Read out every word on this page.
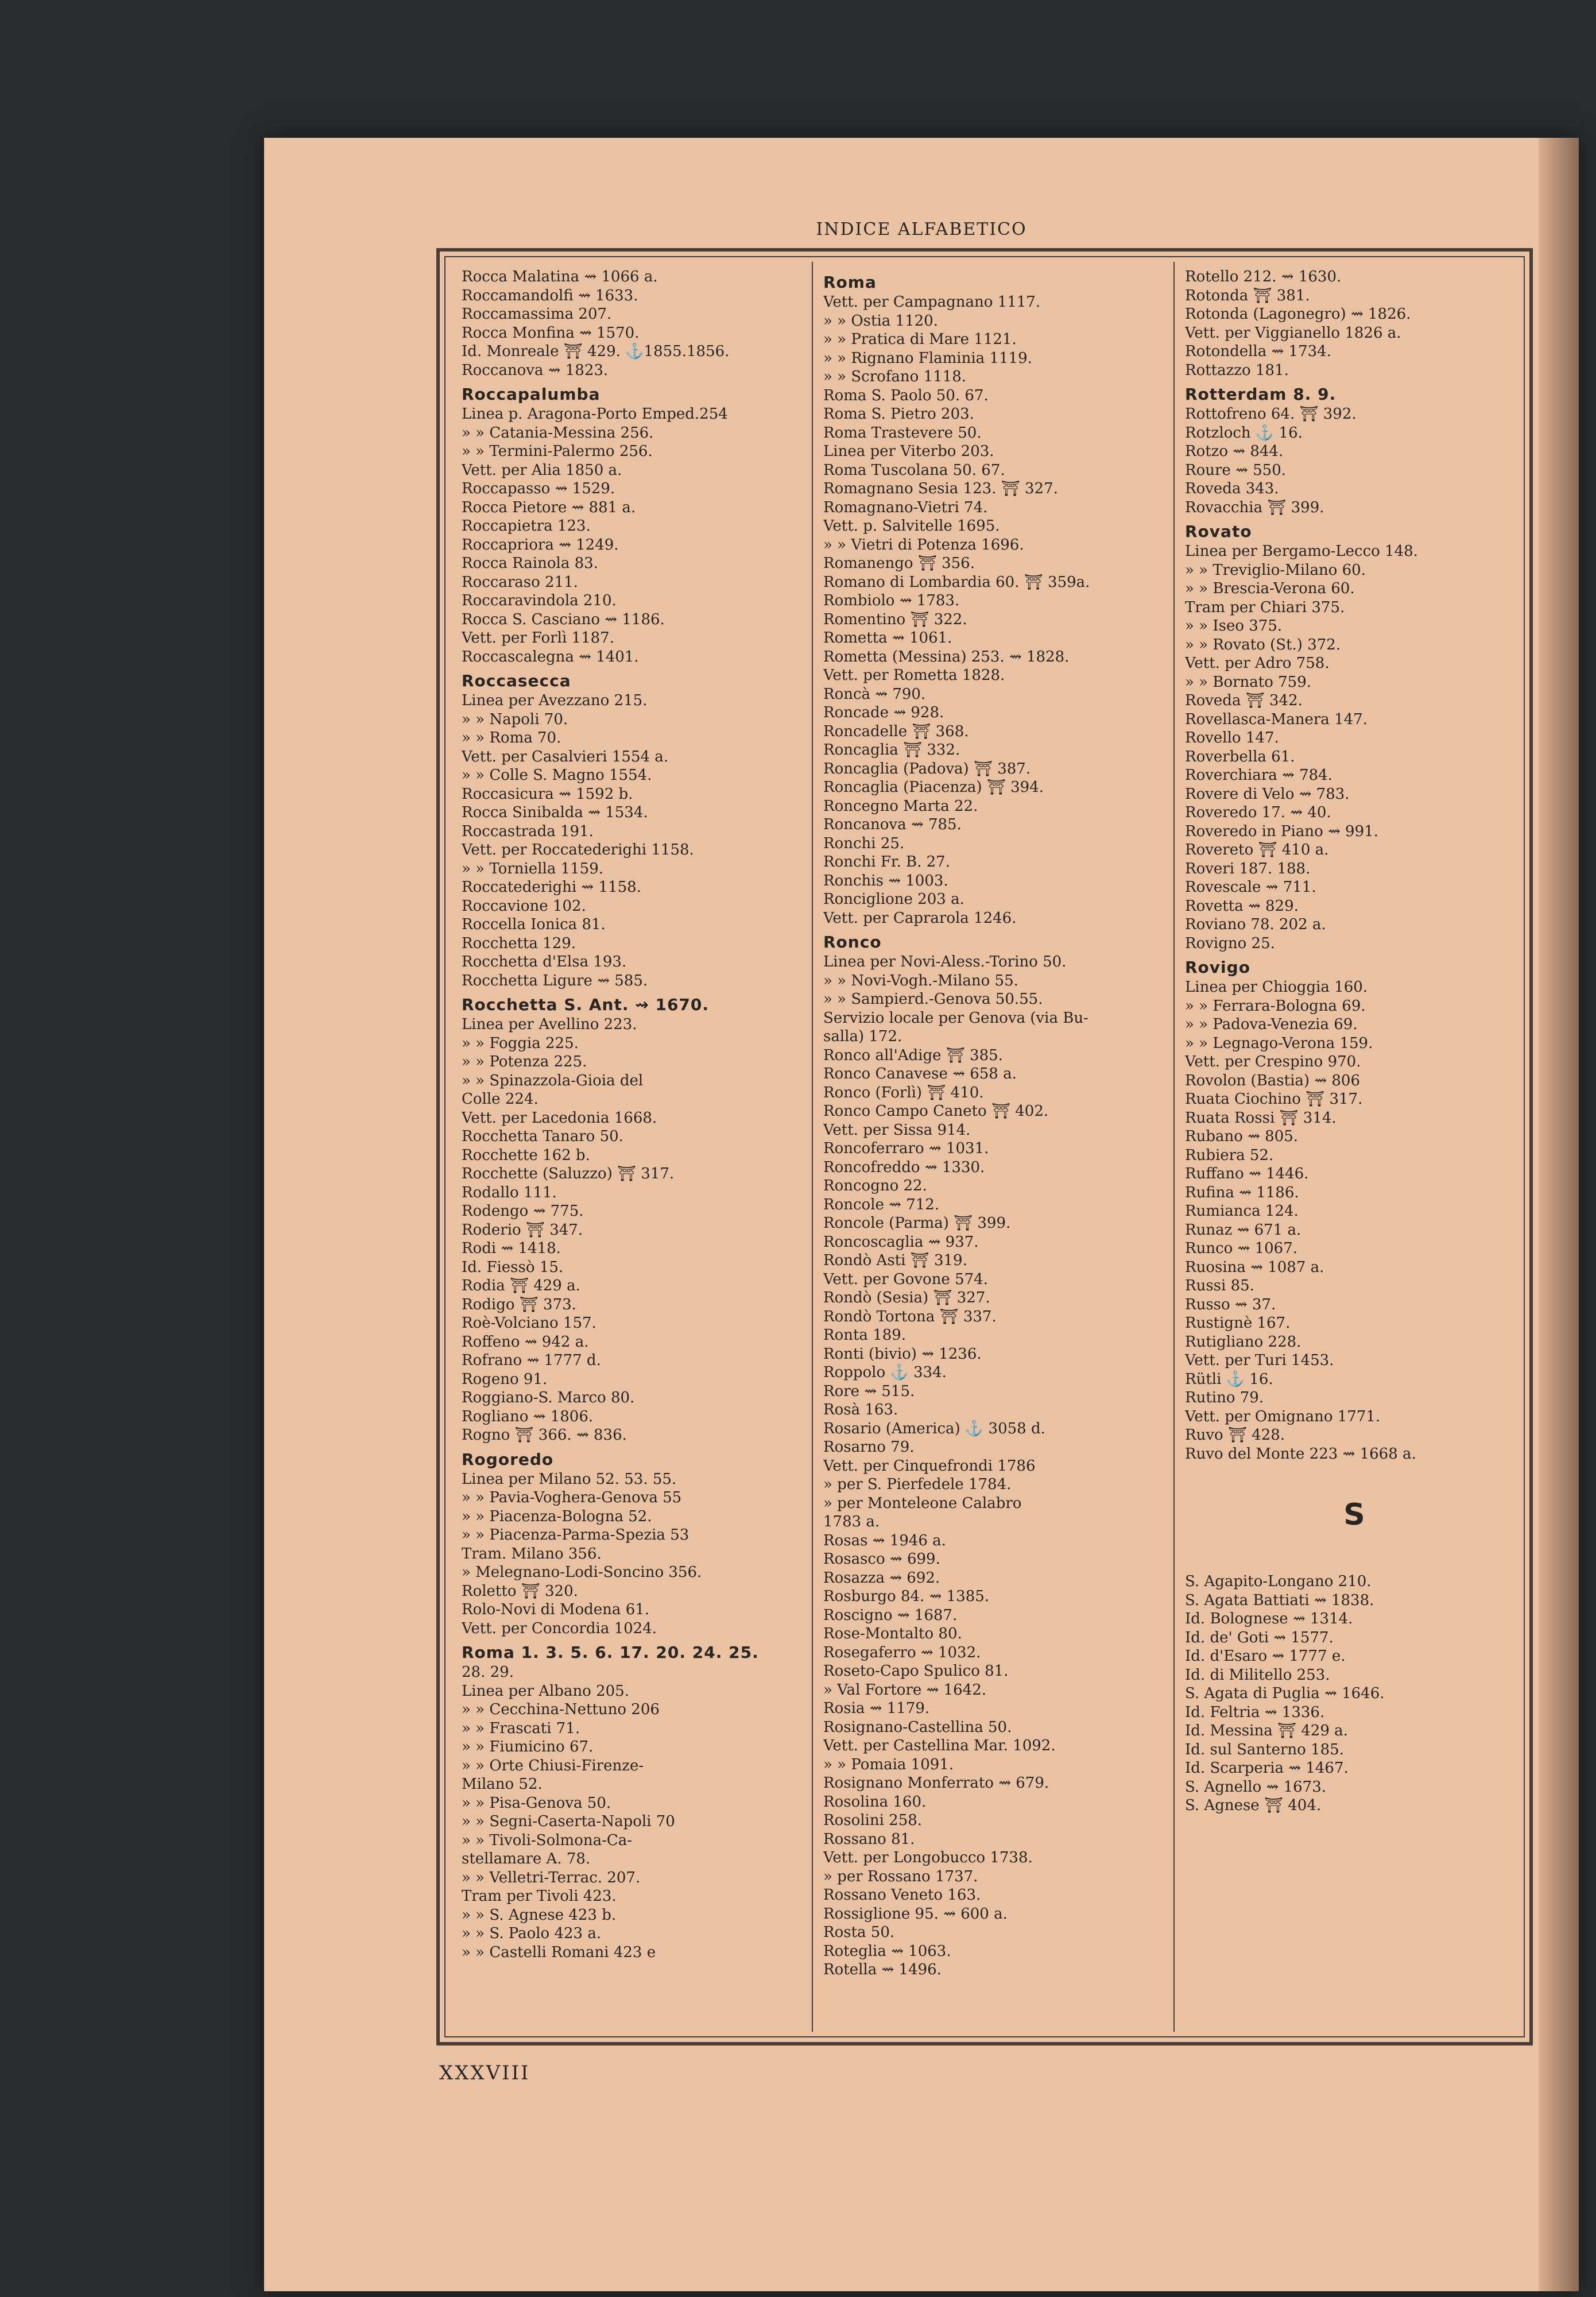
INDICE ALFABETICO
Rocca Malatina ⇝ 1066 a.
Roccamandolfi ⇝ 1633.
Roccamassima 207.
Rocca Monfina ⇝ 1570.
Id. Monreale ⛩ 429. ⚓1855.1856.
Roccanova ⇝ 1823.
Roccapalumba
Linea p. Aragona-Porto Emped.254
» » Catania-Messina 256.
» » Termini-Palermo 256.
Vett. per Alia 1850 a.
Roccapasso ⇝ 1529.
Rocca Pietore ⇝ 881 a.
Roccapietra 123.
Roccapriora ⇝ 1249.
Rocca Rainola 83.
Roccaraso 211.
Roccaravindola 210.
Rocca S. Casciano ⇝ 1186.
Vett. per Forlì 1187.
Roccascalegna ⇝ 1401.
Roccasecca
Linea per Avezzano 215.
» » Napoli 70.
» » Roma 70.
Vett. per Casalvieri 1554 a.
» » Colle S. Magno 1554.
Roccasicura ⇝ 1592 b.
Rocca Sinibalda ⇝ 1534.
Roccastrada 191.
Vett. per Roccatederighi 1158.
» » Torniella 1159.
Roccatederighi ⇝ 1158.
Roccavione 102.
Roccella Ionica 81.
Rocchetta 129.
Rocchetta d'Elsa 193.
Rocchetta Ligure ⇝ 585.
Rocchetta S. Ant. ⇝ 1670.
Linea per Avellino 223.
» » Foggia 225.
» » Potenza 225.
» » Spinazzola-Gioia del
Colle 224.
Vett. per Lacedonia 1668.
Rocchetta Tanaro 50.
Rocchette 162 b.
Rocchette (Saluzzo) ⛩ 317.
Rodallo 111.
Rodengo ⇝ 775.
Roderio ⛩ 347.
Rodi ⇝ 1418.
Id. Fiessò 15.
Rodia ⛩ 429 a.
Rodigo ⛩ 373.
Roè-Volciano 157.
Roffeno ⇝ 942 a.
Rofrano ⇝ 1777 d.
Rogeno 91.
Roggiano-S. Marco 80.
Rogliano ⇝ 1806.
Rogno ⛩ 366. ⇝ 836.
Rogoredo
Linea per Milano 52. 53. 55.
» » Pavia-Voghera-Genova 55
» » Piacenza-Bologna 52.
» » Piacenza-Parma-Spezia 53
Tram. Milano 356.
» Melegnano-Lodi-Soncino 356.
Roletto ⛩ 320.
Rolo-Novi di Modena 61.
Vett. per Concordia 1024.
Roma 1. 3. 5. 6. 17. 20. 24. 25.
28. 29.
Linea per Albano 205.
» » Cecchina-Nettuno 206
» » Frascati 71.
» » Fiumicino 67.
» » Orte Chiusi-Firenze-
Milano 52.
» » Pisa-Genova 50.
» » Segni-Caserta-Napoli 70
» » Tivoli-Solmona-Ca-
stellamare A. 78.
» » Velletri-Terrac. 207.
Tram per Tivoli 423.
» » S. Agnese 423 b.
» » S. Paolo 423 a.
» » Castelli Romani 423 e
Roma
Vett. per Campagnano 1117.
» » Ostia 1120.
» » Pratica di Mare 1121.
» » Rignano Flaminia 1119.
» » Scrofano 1118.
Roma S. Paolo 50. 67.
Roma S. Pietro 203.
Roma Trastevere 50.
Linea per Viterbo 203.
Roma Tuscolana 50. 67.
Romagnano Sesia 123. ⛩ 327.
Romagnano-Vietri 74.
Vett. p. Salvitelle 1695.
» » Vietri di Potenza 1696.
Romanengo ⛩ 356.
Romano di Lombardia 60. ⛩ 359a.
Rombiolo ⇝ 1783.
Romentino ⛩ 322.
Rometta ⇝ 1061.
Rometta (Messina) 253. ⇝ 1828.
Vett. per Rometta 1828.
Roncà ⇝ 790.
Roncade ⇝ 928.
Roncadelle ⛩ 368.
Roncaglia ⛩ 332.
Roncaglia (Padova) ⛩ 387.
Roncaglia (Piacenza) ⛩ 394.
Roncegno Marta 22.
Roncanova ⇝ 785.
Ronchi 25.
Ronchi Fr. B. 27.
Ronchis ⇝ 1003.
Ronciglione 203 a.
Vett. per Caprarola 1246.
Ronco
Linea per Novi-Aless.-Torino 50.
» » Novi-Vogh.-Milano 55.
» » Sampierd.-Genova 50.55.
Servizio locale per Genova (via Bu-
salla) 172.
Ronco all'Adige ⛩ 385.
Ronco Canavese ⇝ 658 a.
Ronco (Forlì) ⛩ 410.
Ronco Campo Caneto ⛩ 402.
Vett. per Sissa 914.
Roncoferraro ⇝ 1031.
Roncofreddo ⇝ 1330.
Roncogno 22.
Roncole ⇝ 712.
Roncole (Parma) ⛩ 399.
Roncoscaglia ⇝ 937.
Rondò Asti ⛩ 319.
Vett. per Govone 574.
Rondò (Sesia) ⛩ 327.
Rondò Tortona ⛩ 337.
Ronta 189.
Ronti (bivio) ⇝ 1236.
Roppolo ⚓ 334.
Rore ⇝ 515.
Rosà 163.
Rosario (America) ⚓ 3058 d.
Rosarno 79.
Vett. per Cinquefrondi 1786
» per S. Pierfedele 1784.
» per Monteleone Calabro
1783 a.
Rosas ⇝ 1946 a.
Rosasco ⇝ 699.
Rosazza ⇝ 692.
Rosburgo 84. ⇝ 1385.
Roscigno ⇝ 1687.
Rose-Montalto 80.
Rosegaferro ⇝ 1032.
Roseto-Capo Spulico 81.
» Val Fortore ⇝ 1642.
Rosia ⇝ 1179.
Rosignano-Castellina 50.
Vett. per Castellina Mar. 1092.
» » Pomaia 1091.
Rosignano Monferrato ⇝ 679.
Rosolina 160.
Rosolini 258.
Rossano 81.
Vett. per Longobucco 1738.
» per Rossano 1737.
Rossano Veneto 163.
Rossiglione 95. ⇝ 600 a.
Rosta 50.
Roteglia ⇝ 1063.
Rotella ⇝ 1496.
Rotello 212. ⇝ 1630.
Rotonda ⛩ 381.
Rotonda (Lagonegro) ⇝ 1826.
Vett. per Viggianello 1826 a.
Rotondella ⇝ 1734.
Rottazzo 181.
Rotterdam 8. 9.
Rottofreno 64. ⛩ 392.
Rotzloch ⚓ 16.
Rotzo ⇝ 844.
Roure ⇝ 550.
Roveda 343.
Rovacchia ⛩ 399.
Rovato
Linea per Bergamo-Lecco 148.
» » Treviglio-Milano 60.
» » Brescia-Verona 60.
Tram per Chiari 375.
» » Iseo 375.
» » Rovato (St.) 372.
Vett. per Adro 758.
» » Bornato 759.
Roveda ⛩ 342.
Rovellasca-Manera 147.
Rovello 147.
Roverbella 61.
Roverchiara ⇝ 784.
Rovere di Velo ⇝ 783.
Roveredo 17. ⇝ 40.
Roveredo in Piano ⇝ 991.
Rovereto ⛩ 410 a.
Roveri 187. 188.
Rovescale ⇝ 711.
Rovetta ⇝ 829.
Roviano 78. 202 a.
Rovigno 25.
Rovigo
Linea per Chioggia 160.
» » Ferrara-Bologna 69.
» » Padova-Venezia 69.
» » Legnago-Verona 159.
Vett. per Crespino 970.
Rovolon (Bastia) ⇝ 806
Ruata Ciochino ⛩ 317.
Ruata Rossi ⛩ 314.
Rubano ⇝ 805.
Rubiera 52.
Ruffano ⇝ 1446.
Rufina ⇝ 1186.
Rumianca 124.
Runaz ⇝ 671 a.
Runco ⇝ 1067.
Ruosina ⇝ 1087 a.
Russi 85.
Russo ⇝ 37.
Rustignè 167.
Rutigliano 228.
Vett. per Turi 1453.
Rütli ⚓ 16.
Rutino 79.
Vett. per Omignano 1771.
Ruvo ⛩ 428.
Ruvo del Monte 223 ⇝ 1668 a.
S
S. Agapito-Longano 210.
S. Agata Battiati ⇝ 1838.
Id. Bolognese ⇝ 1314.
Id. de' Goti ⇝ 1577.
Id. d'Esaro ⇝ 1777 e.
Id. di Militello 253.
S. Agata di Puglia ⇝ 1646.
Id. Feltria ⇝ 1336.
Id. Messina ⛩ 429 a.
Id. sul Santerno 185.
Id. Scarperia ⇝ 1467.
S. Agnello ⇝ 1673.
S. Agnese ⛩ 404.
XXXVIII
